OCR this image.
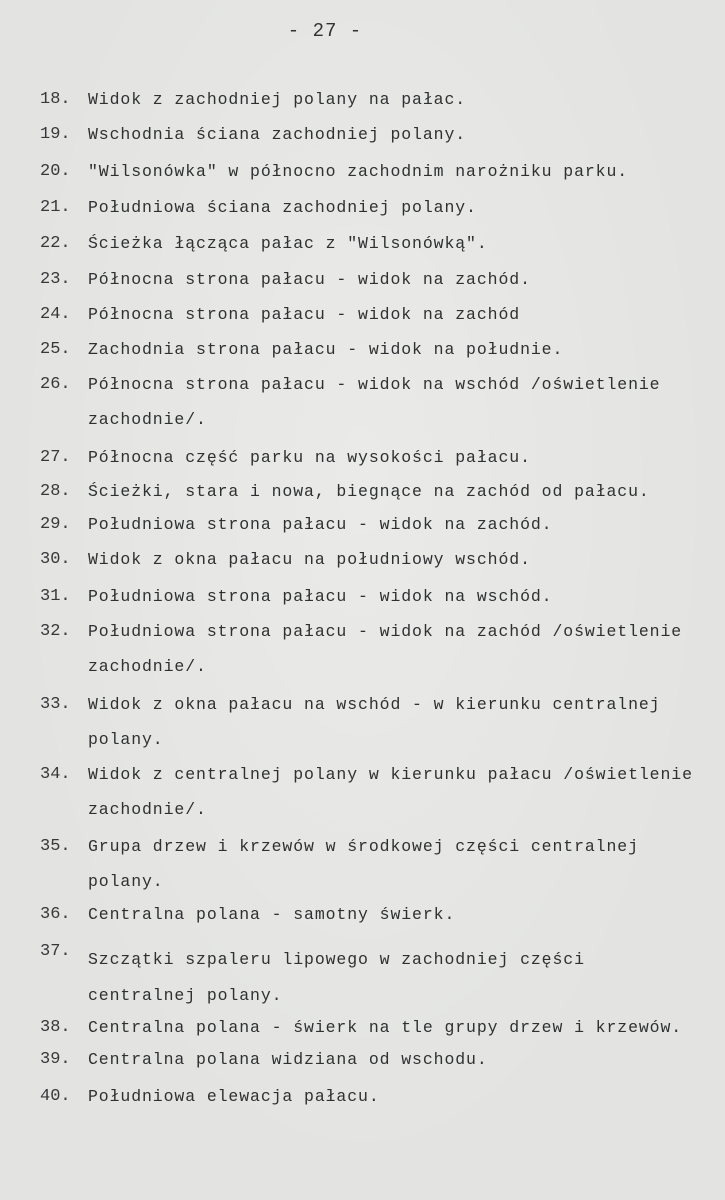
- 27 -
18.	Widok z zachodniej polany na pałac.
19.	Wschodnia ściana zachodniej polany.
20.	"Wilsonówka" w północno zachodnim narożniku parku.
21.	Południowa ściana zachodniej polany.
22.	Ścieżka łącząca pałac z "Wilsonówką".
23.	Północna strona pałacu - widok na zachód.
24.	Północna strona pałacu - widok na zachód
25.	Zachodnia strona pałacu - widok na południe.
26.	Północna strona pałacu - widok na wschód /oświetlenie
zachodnie/.
27.	Północna część parku na wysokości pałacu.
28.	Ścieżki, stara i nowa, biegnące na zachód od pałacu.
29.	Południowa strona pałacu - widok na zachód.
30.	Widok z okna pałacu na południowy wschód.
31.	Południowa strona pałacu - widok na wschód.
32.	Południowa strona pałacu - widok na zachód /oświetlenie
zachodnie/.
33.	Widok z okna pałacu na wschód - w kierunku centralnej
polany.
34.	Widok z centralnej polany w kierunku pałacu /oświetlenie
zachodnie/.
35.	Grupa drzew i krzewów w środkowej części centralnej
polany.
36.	Centralna polana - samotny świerk.
37.	Szczątki szpaleru lipowego w zachodniej części centralnej polany.
38.	Centralna polana - świerk na tle grupy drzew i krzewów.
39.	Centralna polana widziana od wschodu.
40.	Południowa elewacja pałacu.
